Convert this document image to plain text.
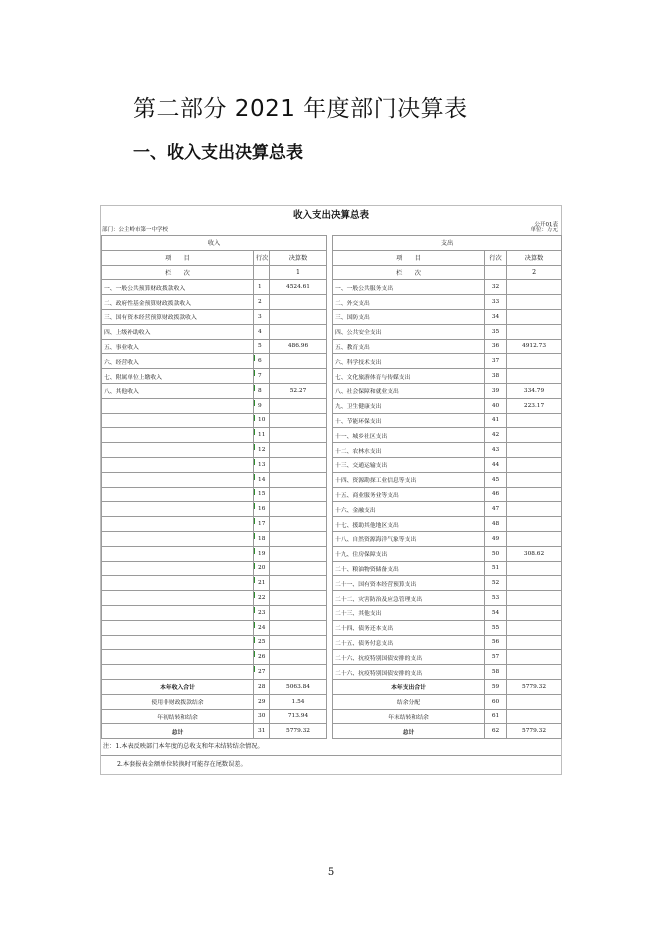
第二部分 2021 年度部门决算表
一、收入支出决算总表
收入支出决算总表
公开01表
部门：公主岭市第一中学校	单位：万元
收入				支出		
项　　目	行次	决算数		项　　目	行次	决算数
栏　　次		1		栏　　次		2
一、一般公共预算财政拨款收入	1	4524.61		一、一般公共服务支出	32	
二、政府性基金预算财政拨款收入	2			二、外交支出	33	
三、国有资本经营预算财政拨款收入	3			三、国防支出	34	
四、上级补助收入	4			四、公共安全支出	35	
五、事业收入	5	486.96		五、教育支出	36	4912.73
六、经营收入	6			六、科学技术支出	37	
七、附属单位上缴收入	7			七、文化旅游体育与传媒支出	38	
八、其他收入	8	52.27		八、社会保障和就业支出	39	334.79
	9			九、卫生健康支出	40	223.17
	10			十、节能环保支出	41	
	11			十一、城乡社区支出	42	
	12			十二、农林水支出	43	
	13			十三、交通运输支出	44	
	14			十四、资源勘探工业信息等支出	45	
	15			十五、商业服务业等支出	46	
	16			十六、金融支出	47	
	17			十七、援助其他地区支出	48	
	18			十八、自然资源海洋气象等支出	49	
	19			十九、住房保障支出	50	308.62
	20			二十、粮油物资储备支出	51	
	21			二十一、国有资本经营预算支出	52	
	22			二十二、灾害防治及应急管理支出	53	
	23			二十三、其他支出	54	
	24			二十四、债务还本支出	55	
	25			二十五、债务付息支出	56	
	26			二十六、抗疫特别国债安排的支出	57	
	27			二十六、抗疫特别国债安排的支出	58	
本年收入合计	28	5063.84		本年支出合计	59	5779.32
使用非财政拨款结余	29	1.54		结余分配	60	
年初结转和结余	30	713.94		年末结转和结余	61	
总计	31	5779.32		总计	62	5779.32
注：1.本表反映部门本年度的总收支和年末结转结余情况。
2.本套报表金额单位转换时可能存在尾数误差。
5
